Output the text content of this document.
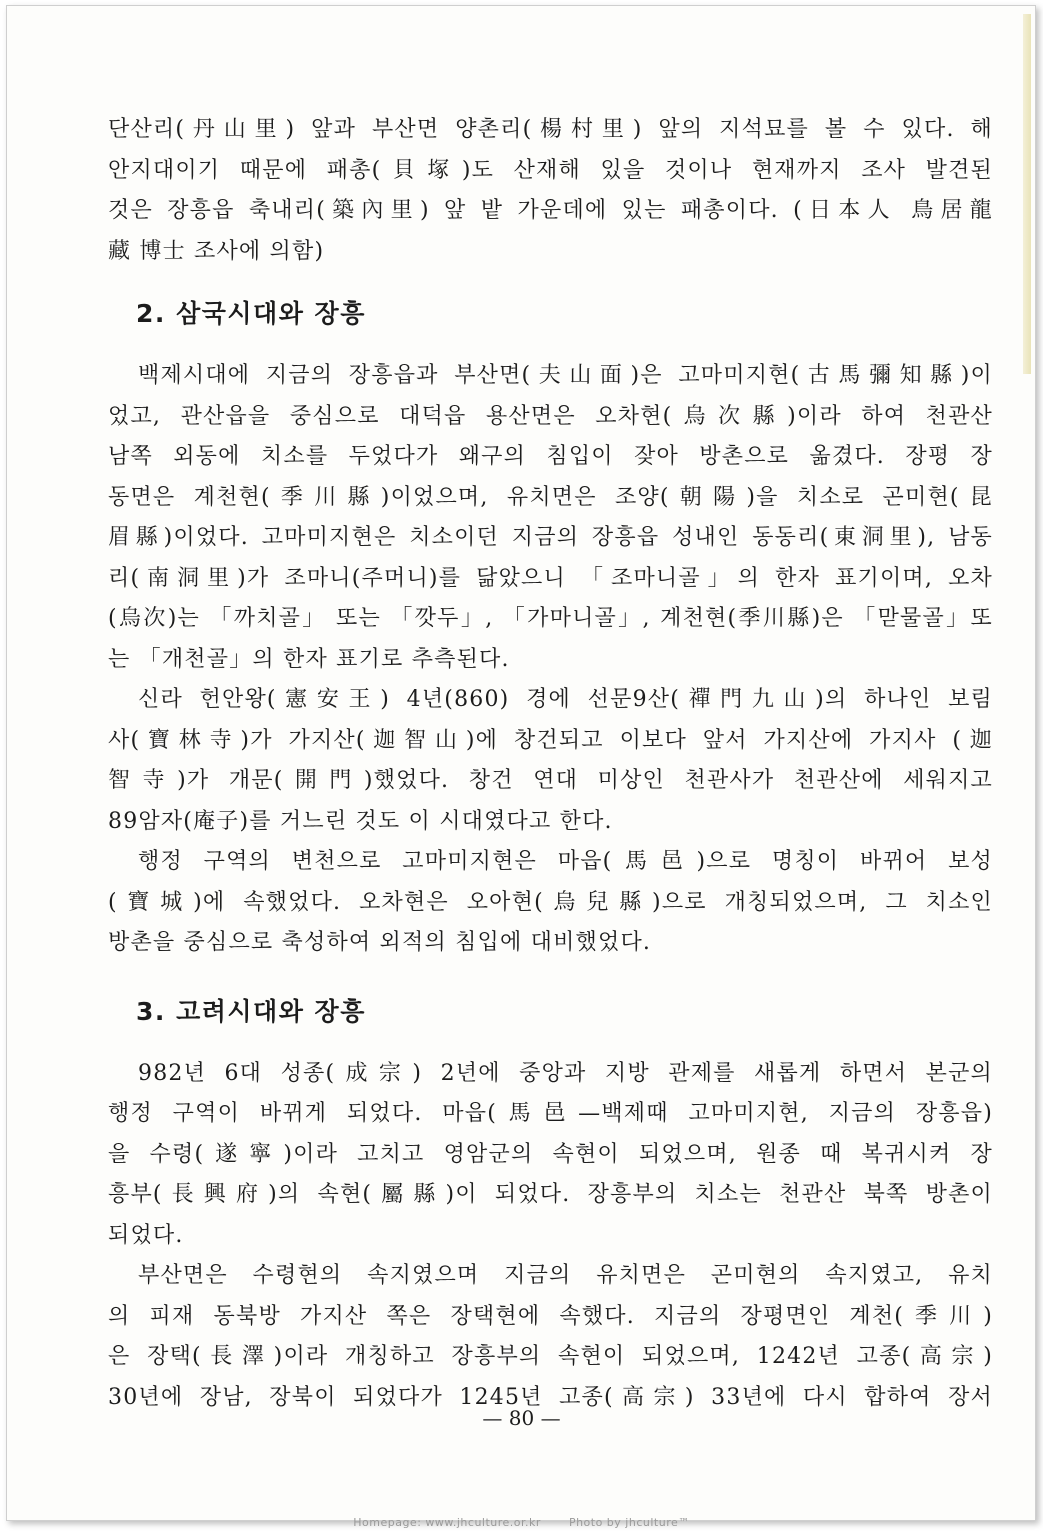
단산리(丹山里) 앞과 부산면 양촌리(楊村里) 앞의 지석묘를 볼 수 있다. 해
안지대이기 때문에 패총(貝塚)도 산재해 있을 것이나 현재까지 조사 발견된
것은 장흥읍 축내리(築內里) 앞 밭 가운데에 있는 패총이다. (日本人 鳥居龍
藏 博士 조사에 의함)
2. 삼국시대와 장흥
백제시대에 지금의 장흥읍과 부산면(夫山面)은 고마미지현(古馬彌知縣)이
었고, 관산읍을 중심으로 대덕읍 용산면은 오차현(烏次縣)이라 하여 천관산
남쪽 외동에 치소를 두었다가 왜구의 침입이 잦아 방촌으로 옮겼다. 장평 장
동면은 계천현(季川縣)이었으며, 유치면은 조양(朝陽)을 치소로 곤미현(昆
眉縣)이었다. 고마미지현은 치소이던 지금의 장흥읍 성내인 동동리(東洞里), 남동
리(南洞里)가 조마니(주머니)를 닮았으니 「조마니골」의 한자 표기이며, 오차
(烏次)는 「까치골」 또는 「깟두」, 「가마니골」, 계천현(季川縣)은 「맏물골」또
는 「개천골」의 한자 표기로 추측된다.
신라 헌안왕(憲安王) 4년(860) 경에 선문9산(禪門九山)의 하나인 보림
사(寶林寺)가 가지산(迦智山)에 창건되고 이보다 앞서 가지산에 가지사 (迦
智寺)가 개문(開門)했었다. 창건 연대 미상인 천관사가 천관산에 세워지고
89암자(庵子)를 거느린 것도 이 시대였다고 한다.
행정 구역의 변천으로 고마미지현은 마읍(馬邑)으로 명칭이 바뀌어 보성
(寶城)에 속했었다. 오차현은 오아현(烏兒縣)으로 개칭되었으며, 그 치소인
방촌을 중심으로 축성하여 외적의 침입에 대비했었다.
3. 고려시대와 장흥
982년 6대 성종(成宗) 2년에 중앙과 지방 관제를 새롭게 하면서 본군의
행정 구역이 바뀌게 되었다. 마읍(馬邑—백제때 고마미지현, 지금의 장흥읍)
을 수령(遂寧)이라 고치고 영암군의 속현이 되었으며, 원종 때 복귀시켜 장
흥부(長興府)의 속현(屬縣)이 되었다. 장흥부의 치소는 천관산 북쪽 방촌이
되었다.
부산면은 수령현의 속지였으며 지금의 유치면은 곤미현의 속지였고, 유치
의 피재 동북방 가지산 쪽은 장택현에 속했다. 지금의 장평면인 계천(季川)
은 장택(長澤)이라 개칭하고 장흥부의 속현이 되었으며, 1242년 고종(高宗)
30년에 장남, 장북이 되었다가 1245년 고종(高宗) 33년에 다시 합하여 장서
— 80 —
Homepage: www.jhculture.or.kr	Photo by jhculture™
